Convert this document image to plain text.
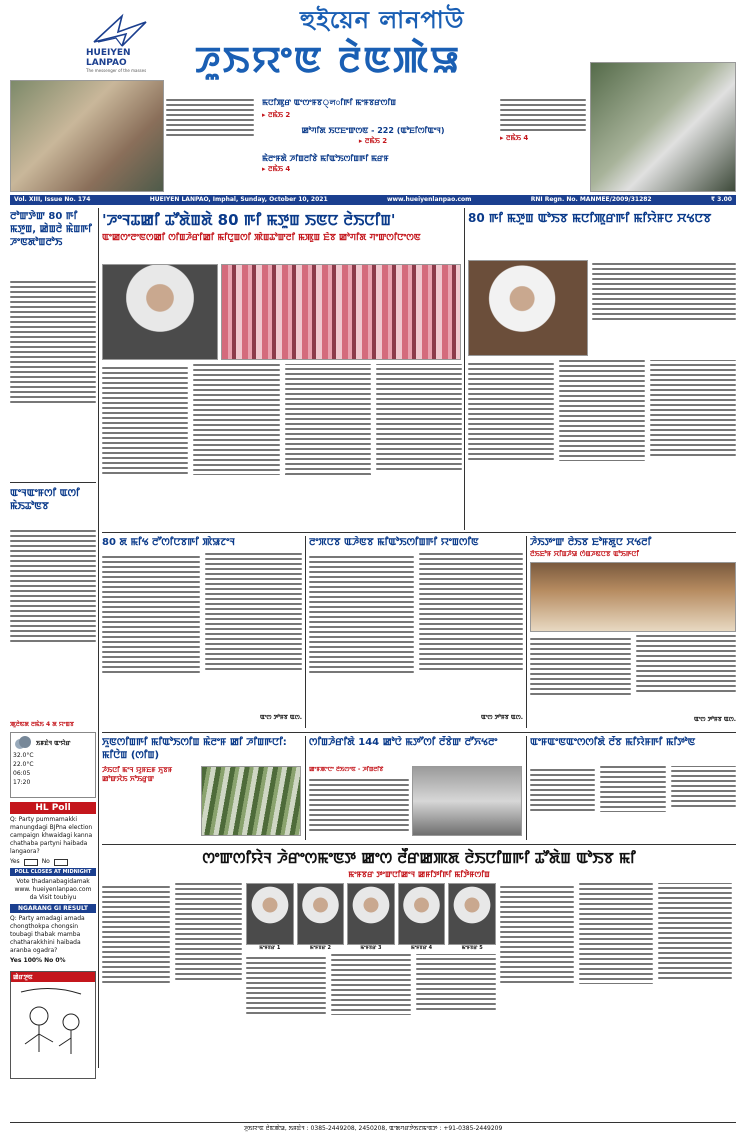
HUEIYEN LANPAO
The messenger of the masses
হুইয়েন লানপাউ
ꯍꯨꯏꯌꯦꯟ ꯂꯥꯟꯄꯥꯎ
ꯃꯅꯤꯄꯨꯔ ꯑꯦꯁꯦꯝꯕ্লꯤꯒꯤ ꯃꯦꯝꯕꯔꯁꯤꯡ
▸ ꯂꯃꯥꯏ 2
ꯀꯣꯚꯤꯗ ꯏꯅꯐꯦꯛꯁꯟ - 222 (ꯑꯣꯐꯤꯁꯤꯑꯦꯜ)
▸ ꯂꯃꯥꯏ 2
ꯃꯥꯂꯦꯝꯗꯥ ꯍꯤꯡꯂꯤꯕꯥ ꯃꯤꯑꯣꯏꯁꯤꯡꯒꯤ ꯃꯔꯝ
▸ ꯂꯃꯥꯏ 4
▸ ꯂꯃꯥꯏ 4
Vol. XIII, Issue No. 174	HUEIYEN LANPAO, Imphal, Sunday, October 10, 2021	www.hueiyenlanpao.com	RNI Regn. No. MANMEE/2009/31282	₹ 3.00
ꯂꯣꯛꯇꯥꯛ 80 ꯒꯤ ꯃꯇꯨꯡ, ꯀꯥꯡꯂꯥ ꯃꯥꯡꯒꯤ ꯍꯦꯟꯗꯣꯡꯂꯣꯏ
ꯑꯦꯜꯑꯦꯝꯁꯤ ꯑꯁꯤ ꯃꯥꯏꯊꯣꯟꯕ
ꯄꯨꯂꯥꯟꯗ ꯂꯃꯥꯏ 4 ꯗ ꯌꯦꯡꯕ
ꯏꯝꯐꯥꯜ ꯑꯦꯌꯥꯔ
32.0°C
22.0°C
06:05
17:20
HL Poll
Q: Party pummamakki manungdagi BJPna election campaign khwaidagi kanna chathaba partyni haibada langaora?
Yes	No
POLL CLOSES AT MIDNIGHT
Vote thadanabagidamak www. hueiyenlanpao.com da Visit toubiyu
NGARANG GI RESULT
Q: Party amadagi amada chongthokpa chongsin toubagi thabak mamba chatharakkhini haibada aranba ogadra?
Yes 100% No 0%
ꯀꯥꯔꯇꯨꯟ
'ꯍꯦꯜꯊꯀꯤ ꯊꯧꯗꯥꯡꯗꯥ 80 ꯒꯤ ꯃꯇꯨꯡ ꯏꯟꯅ ꯂꯥꯏꯅꯤꯡ'
ꯑꯦꯀꯁꯦꯂꯦꯟꯁꯀꯤ ꯁꯤꯡꯍꯥꯔꯤꯀꯤ ꯃꯤꯅꯨꯡꯁꯤ ꯄꯥꯡꯊꯣꯛꯂꯤ ꯃꯄꯨꯡ ꯐꯥꯕ ꯀꯣꯚꯤꯗ ꯚꯦꯛꯁꯤꯅꯦꯁꯟ
80 ꯒꯤ ꯃꯇꯨꯡ ꯑꯣꯏꯕ ꯃꯅꯤꯄꯨꯔꯒꯤ ꯃꯤꯌꯥꯝꯅ ꯆꯠꯅꯕ
80 ꯗ ꯃꯤꯠ ꯂꯧꯁꯤꯅꯕꯒꯤ ꯄꯥꯎꯖꯦꯜ
ꯑꯦꯁ ꯇꯣꯝꯕ ꯑꯁ.
ꯂꯦꯞꯅꯕ ꯑꯍꯥꯟꯕ ꯃꯤꯑꯣꯏꯁꯤꯡꯒꯤ ꯌꯦꯡꯁꯤꯟ
ꯑꯦꯁ ꯇꯣꯝꯕ ꯑꯁ.
ꯍꯥꯏꯇꯦꯛ ꯂꯥꯏꯕ ꯐꯣꯝꯗꯨꯅ ꯆꯠꯂꯤ
ꯂꯥꯏꯐꯣꯝ ꯆꯤꯡꯍꯥꯎ ꯁꯥꯡꯍꯟꯅꯕ ꯑꯣꯏꯒꯅꯤ
ꯑꯦꯁ ꯇꯣꯝꯕ ꯑꯁ.
ꯈꯨꯟꯁꯤꯡꯒꯤ ꯃꯤꯑꯣꯏꯁꯤꯡ ꯃꯥꯂꯦꯝ ꯀꯤ ꯍꯤꯡꯒꯅꯤ: ꯃꯤꯅꯥꯡ (ꯁꯤꯡ)
ꯍꯥꯏꯅꯤ ꯃꯦꯜ ꯌꯨꯝꯐꯝ ꯈꯨꯕꯝ ꯀꯣꯛꯆꯥꯏ ꯈꯣꯏꯔꯨꯛ
ꯁꯤꯡꯍꯥꯔꯤꯗꯥ 144 ꯀꯣꯅꯥ ꯃꯇꯧꯁꯤ ꯂꯩꯕꯥꯛ ꯂꯧꯈꯠꯂꯦ
ꯀꯦꯝꯄꯦꯅꯦ ꯂꯥꯏꯁꯦꯟ - ꯍꯤꯡꯂꯤꯕꯥ
ꯑꯦꯝꯑꯦꯟꯑꯦꯁꯁꯤꯗꯥ ꯂꯩꯕ ꯃꯤꯌꯥꯝꯒꯤ ꯃꯤꯇꯣꯟ
ꯁꯦꯛꯁꯤꯌꯥꯜ ꯍꯥꯔꯦꯁꯃꯦꯟꯇ ꯀꯦꯁ ꯂꯩꯔꯀꯄꯗ ꯂꯥꯏꯅꯤꯡꯒꯤ ꯊꯧꯗꯥꯡ ꯑꯣꯏꯕ ꯃꯤ
ꯃꯦꯝꯕꯔ ꯇꯦꯛꯅꯤꯀꯦꯜ ꯀꯝꯤꯇꯤꯒꯤ ꯃꯤꯇꯥꯝꯁꯤꯡ
ꯃꯦꯝꯕꯔ 1	ꯃꯦꯝꯕꯔ 2	ꯃꯦꯝꯕꯔ 3	ꯃꯦꯝꯕꯔ 4	ꯃꯦꯝꯕꯔ 5
ꯍꯨꯏꯌꯦꯟ ꯂꯥꯟꯄꯥꯎ, ꯏꯝꯐꯥꯜ : 0385-2449208, 2450208, ꯑꯦꯗꯚꯔꯇꯥꯏꯖꯃꯦꯟꯇ : +91-0385-2449209
